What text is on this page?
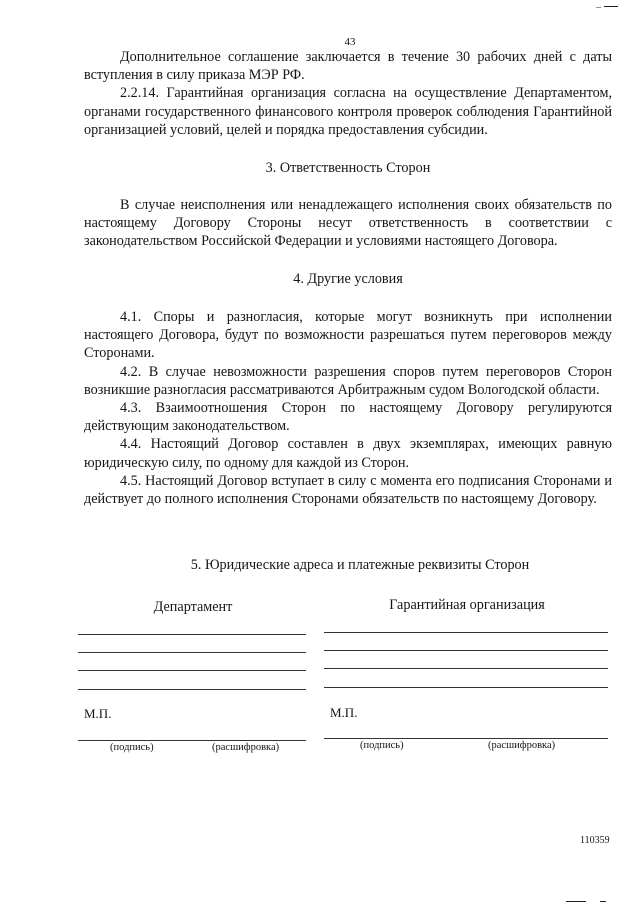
–
43

Дополнительное соглашение заключается в течение 30 рабочих дней с даты вступления в силу приказа МЭР РФ.

2.2.14. Гарантийная организация согласна на осуществление Департаментом, органами государственного финансового контроля проверок соблюдения Гарантийной организацией условий, целей и порядка предоставления субсидии.

3. Ответственность Сторон

В случае неисполнения или ненадлежащего исполнения своих обязательств по настоящему Договору Стороны несут ответственность в соответствии с законодательством Российской Федерации и условиями настоящего Договора.

4. Другие условия

4.1. Споры и разногласия, которые могут возникнуть при исполнении настоящего Договора, будут по возможности разрешаться путем переговоров между Сторонами.

4.2. В случае невозможности разрешения споров путем переговоров Сторон возникшие разногласия рассматриваются Арбитражным судом Вологодской области.

4.3. Взаимоотношения Сторон по настоящему Договору регулируются действующим законодательством.

4.4. Настоящий Договор составлен в двух экземплярах, имеющих равную юридическую силу, по одному для каждой из Сторон.

4.5. Настоящий Договор вступает в силу с момента его подписания Сторонами и действует до полного исполнения Сторонами обязательств по настоящему Договору.

5. Юридические адреса и платежные реквизиты Сторон
Департамент	Гарантийная организация
М.П.	М.П.
(подпись)	(расшифровка)	(подпись)	(расшифровка)
110359
